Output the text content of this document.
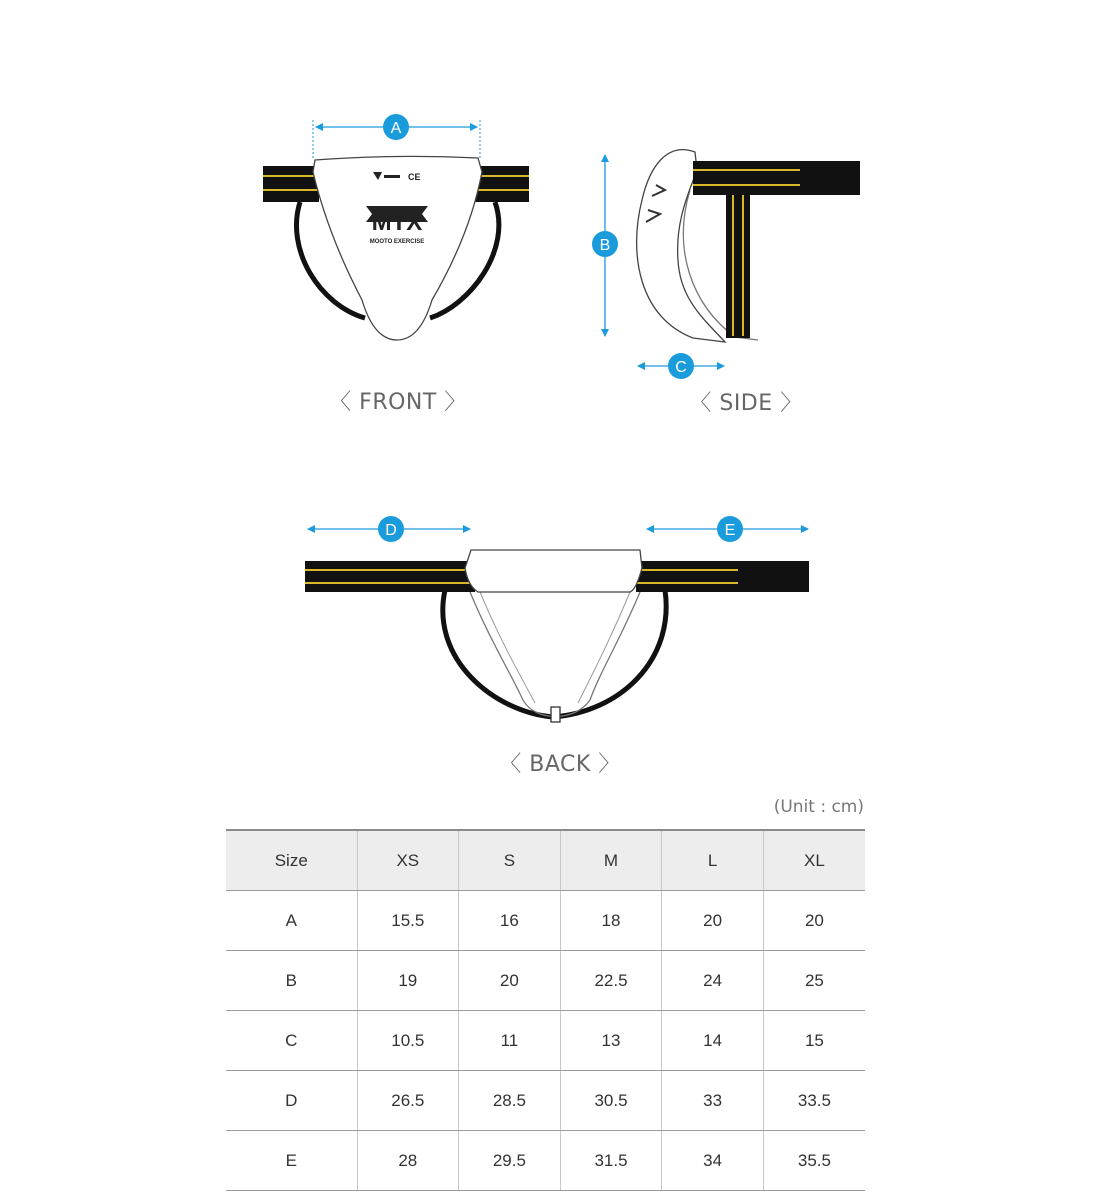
CE
MTX
MOOTO EXERCISE
A
〈 FRONT 〉
B
C
〈 SIDE 〉
D	E
〈 BACK 〉
(Unit : cm)
Size	XS	S	M	L	XL
A	15.5	16	18	20	20
B	19	20	22.5	24	25
C	10.5	11	13	14	15
D	26.5	28.5	30.5	33	33.5
E	28	29.5	31.5	34	35.5
